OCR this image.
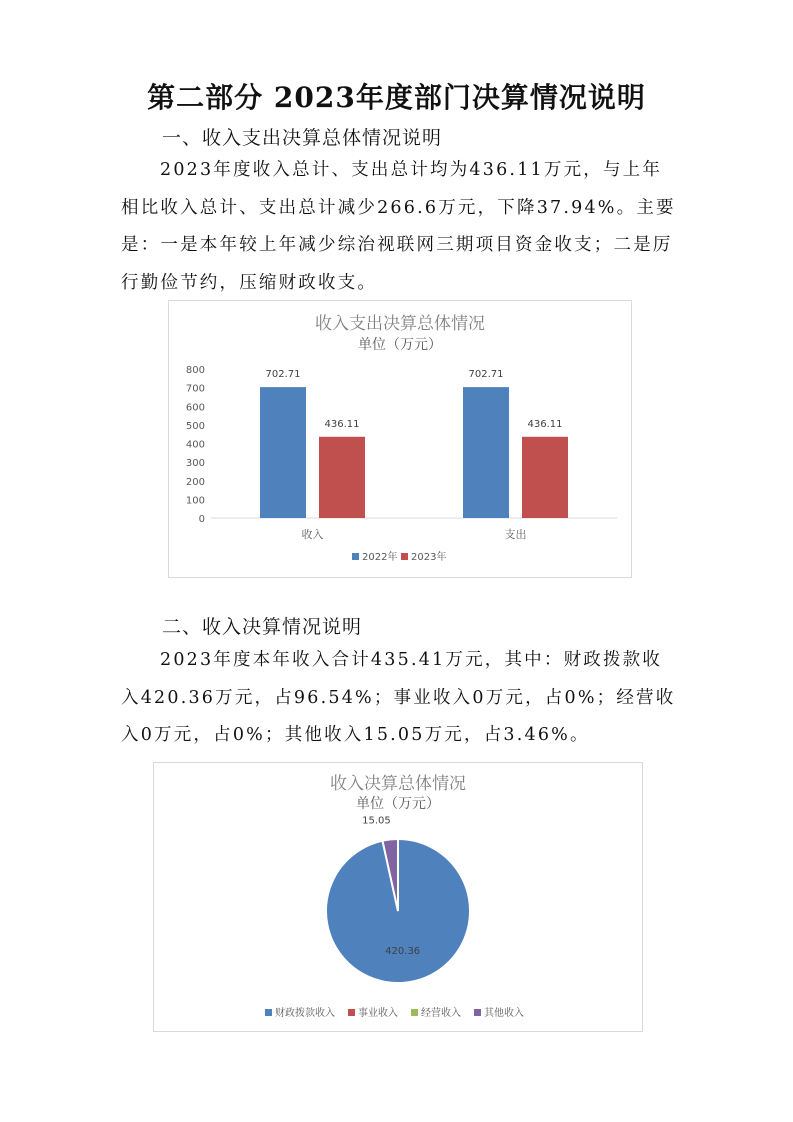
第二部分 2023年度部门决算情况说明
一、收入支出决算总体情况说明

2023年度收入总计、支出总计均为436.11万元，与上年相比收入总计、支出总计减少266.6万元，下降37.94%。主要是：一是本年较上年减少综治视联网三期项目资金收支；二是厉行勤俭节约，压缩财政收支。

收入支出决算总体情况
单位（万元）
0
100
200
300
400
500
600
700
800	702.71
436.11
收入
702.71
436.11
支出
2022年 2023年
二、收入决算情况说明

2023年度本年收入合计435.41万元，其中：财政拨款收入420.36万元，占96.54%；事业收入0万元，占0%；经营收入0万元，占0%；其他收入15.05万元，占3.46%。

收入决算总体情况
单位（万元）
420.36
15.05
财政拨款收入 事业收入 经营收入 其他收入
